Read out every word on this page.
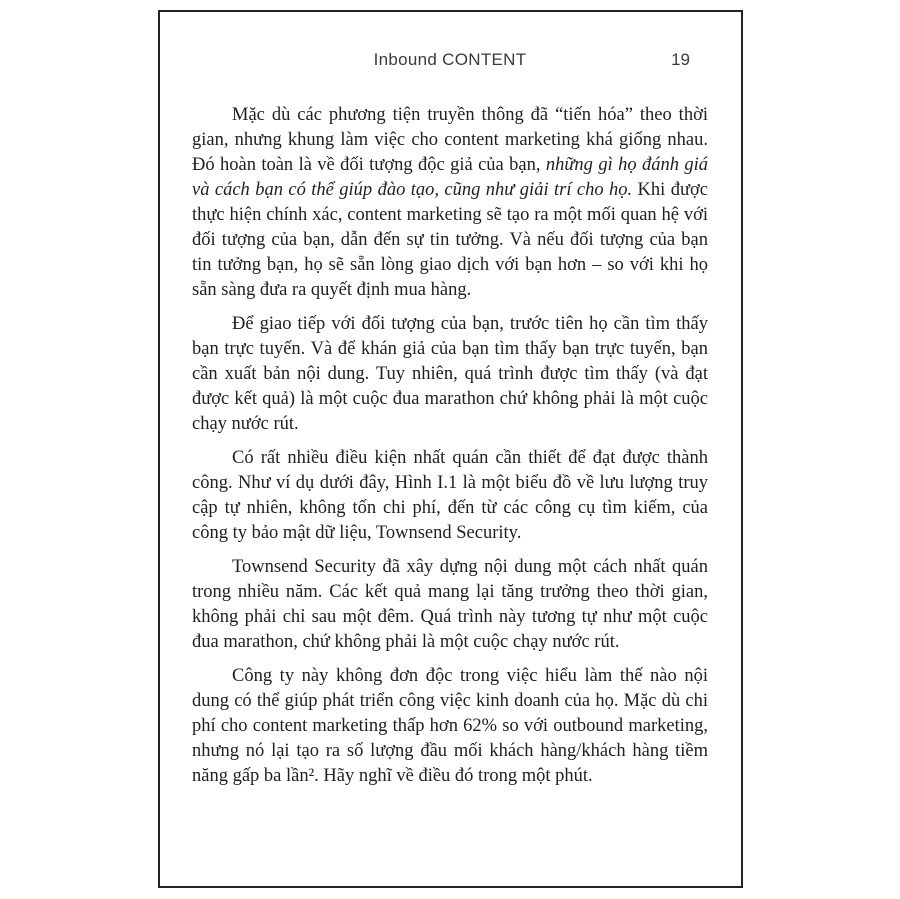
Inbound CONTENT	19

Mặc dù các phương tiện truyền thông đã “tiến hóa” theo thời gian, nhưng khung làm việc cho content marketing khá giống nhau. Đó hoàn toàn là về đối tượng độc giả của bạn, những gì họ đánh giá và cách bạn có thể giúp đào tạo, cũng như giải trí cho họ. Khi được thực hiện chính xác, content marketing sẽ tạo ra một mối quan hệ với đối tượng của bạn, dẫn đến sự tin tưởng. Và nếu đối tượng của bạn tin tưởng bạn, họ sẽ sẵn lòng giao dịch với bạn hơn – so với khi họ sẵn sàng đưa ra quyết định mua hàng.

Để giao tiếp với đối tượng của bạn, trước tiên họ cần tìm thấy bạn trực tuyến. Và để khán giả của bạn tìm thấy bạn trực tuyến, bạn cần xuất bản nội dung. Tuy nhiên, quá trình được tìm thấy (và đạt được kết quả) là một cuộc đua marathon chứ không phải là một cuộc chạy nước rút.

Có rất nhiều điều kiện nhất quán cần thiết để đạt được thành công. Như ví dụ dưới đây, Hình I.1 là một biểu đồ về lưu lượng truy cập tự nhiên, không tốn chi phí, đến từ các công cụ tìm kiếm, của công ty bảo mật dữ liệu, Townsend Security.

Townsend Security đã xây dựng nội dung một cách nhất quán trong nhiều năm. Các kết quả mang lại tăng trưởng theo thời gian, không phải chỉ sau một đêm. Quá trình này tương tự như một cuộc đua marathon, chứ không phải là một cuộc chạy nước rút.

Công ty này không đơn độc trong việc hiểu làm thế nào nội dung có thể giúp phát triển công việc kinh doanh của họ. Mặc dù chi phí cho content marketing thấp hơn 62% so với outbound marketing, nhưng nó lại tạo ra số lượng đầu mối khách hàng/khách hàng tiềm năng gấp ba lần². Hãy nghĩ về điều đó trong một phút.
